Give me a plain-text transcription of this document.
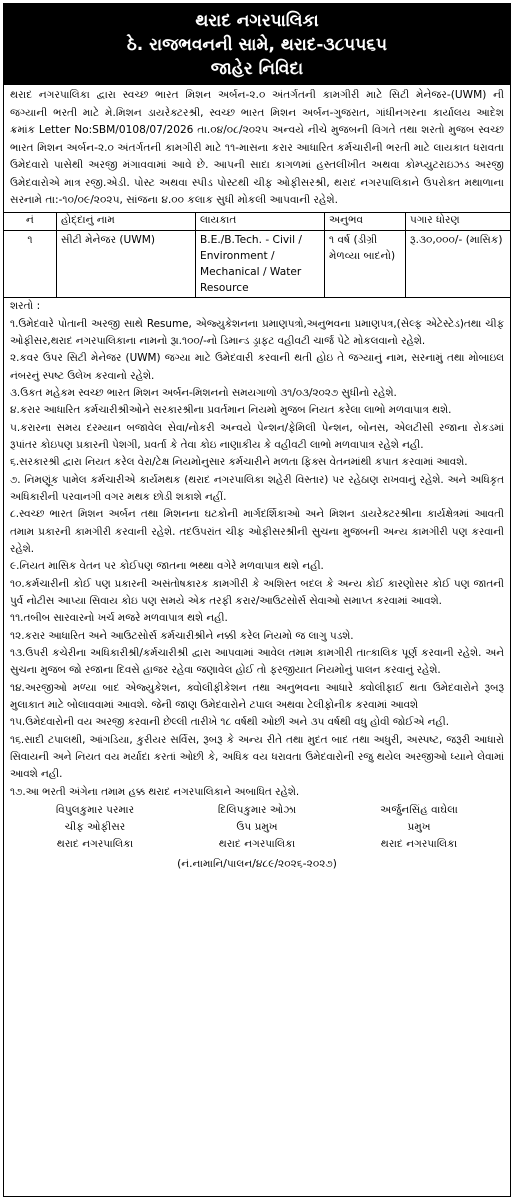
થરાદ નગરપાલિકા
ઠે. રાજભવનની સામે, થરાદ-૩૮૫૫૬૫
જાહેર નિવિદા
થરાદ નગરપાલિકા દ્વારા સ્વચ્છ ભારત મિશન અર્બન-૨.૦ અંતર્ગતની કામગીરી માટે સિટી મેનેજર-(UWM) ની જગ્યાની ભરતી માટે મે.મિશન ડાયરેક્ટરશ્રી, સ્વચ્છ ભારત મિશન અર્બન-ગુજરાત, ગાંધીનગરના કાર્યાલય આદેશ ક્રમાંક Letter No:SBM/0108/07/2026 તા.૦૪/૦૮/૨૦૨૫ અન્વયે નીચે મુજબની વિગતે તથા શરતો મુજબ સ્વચ્છ ભારત મિશન અર્બન-૨.૦ અંતર્ગતની કામગીરી માટે ૧૧-માસના કરાર આધારિત કર્મચારીની ભરતી માટે લાયકાત ધરાવતા ઉમેદવારો પાસેથી અરજી મંગાવવામાં આવે છે. આપની સાદા કાગળમાં હસ્તલીખીત અથવા કોમ્પ્યુટરાઇઝડ અરજી ઉમેદવારોએ માત્ર રજી.એડી. પોસ્ટ અથવા સ્પીડ પોસ્ટથી ચીફ ઓફીસરશ્રી, થરાદ નગરપાલિકાને ઉપરોક્ત મથાળાના સરનામે તા:-૧૦/૦૯/૨૦૨૫, સાંજના ૪.૦૦ કલાક સુધી મોકલી આપવાની રહેશે.
નં	હોદ્દાનું નામ	લાયકાત	અનુભવ	પગાર ધોરણ
૧	સીટી મેનેજર (UWM)	B.E./B.Tech. - Civil / Environment / Mechanical / Water Resource	૧ વર્ષ (ડીગ્રી મેળવ્યા બાદનો)	રૂ.૩૦,૦૦૦/- (માસિક)
શરતો :
૧.ઉમેદવારે પોતાની અરજી સાથે Resume, એજ્યુકેશનના પ્રમાણપત્રો,અનુભવના પ્રમાણપત્ર,(સેલ્ફ એટેસ્ટેડ)તથા ચીફ ઓફીસર,થરાદ નગરપાલિકાના નામનો રૂા.૧૦૦/-નો ડિમાન્ડ ડ્રાફટ વહીવટી ચાર્જ પેટે મોકલવાનો રહેશે.
૨.કવર ઉપર સિટી મેનેજર (UWM) જગ્યા માટે ઉમેદવારી કરવાની થતી હોઇ તે જગ્યાનું નામ, સરનામું તથા મોબાઇલ નંબરનું સ્પષ્ટ ઉલેખ કરવાનો રહેશે.
૩.ઉકત મહેકમ સ્વચ્છ ભારત મિશન અર્બન-મિશનનો સમયગાળો ૩૧/૦૩/૨૦૨૭ સુધીનો રહેશે.
૪.કરાર આધારિત કર્મચારીશ્રીઓને સરકારશ્રીના પ્રવર્તમાન નિયમો મુજબ નિયત કરેલા લાભો મળવાપાત્ર થશે.
૫.કરારના સમય દરમ્યાન બજાવેલ સેવા/નોકરી અન્વયે પેન્શન/ફેમિલી પેન્શન, બોનસ, એલટીસી રજાના રોકડમાં રૂપાંતર કોઇપણ પ્રકારની પેશગી, પ્રવર્તા કે તેવા કોઇ નાણાકીય કે વહીવટી લાભો મળવાપાત્ર રહેશે નહી.
૬.સરકારશ્રી દ્વારા નિયત કરેલ વેરા/ટેક્ષ નિયમોનુસાર કર્મચારીને મળતા ફિક્સ વેતનમાંથી કપાત કરવામાં આવશે.
૭. નિમણૂંક પામેલ કર્મચારીએ કાર્યમથક (થરાદ નગરપાલિકા શહેરી વિસ્તાર) પર રહેઠાણ રાખવાનું રહેશે. અને અધિકૃત અધિકારીની પરવાનગી વગર મથક છોડી શકાશે નહીં.
૮.સ્વચ્છ ભારત મિશન અર્બન તથા મિશનના ઘટકોની માર્ગદર્શિકાઓ અને મિશન ડાયરેક્ટરશ્રીના કાર્યક્ષેત્રમાં આવતી તમામ પ્રકારની કામગીરી કરવાની રહેશે. તદઉપરાંત ચીફ ઓફીસરશ્રીની સુચના મુજબની અન્ય કામગીરી પણ કરવાની રહેશે.
૯.નિયત માસિક વેતન પર કોઈપણ જાતના ભથ્થા વગેરે મળવાપાત્ર થશે નહી.
૧૦.કર્મચારીની કોઈ પણ પ્રકારની અસંતોષકારક કામગીરી કે અશિસ્ત બદલ કે અન્ય કોઈ કારણોસર કોઈ પણ જાતની પુર્વ નોટીસ આપ્યા સિવાય કોઇ પણ સમયે એક તરફી કરાર/આઉટસોર્સ સેવાઓ સમાપ્ત કરવામાં આવશે.
૧૧.તબીબ સારવારનો ખર્ચ મજરે મળવાપાત્ર થશે નહી.
૧૨.કરાર આધારિત અને આઉટસોર્સ કર્મચારીશ્રીને નક્કી કરેલ નિયમો જ લાગુ પડશે.
૧૩.ઉપરી કચેરીના અધિકારીશ્રી/કર્મચારીશ્રી દ્વારા આપવામાં આવેલ તમામ કામગીરી તાત્કાલિક પૂર્ણ કરવાની રહેશે. અને સુચના મુજબ જો રજાના દિવસે હાજર રહેવા જણાવેલ હોઈ તો ફરજીયાત નિયમોનું પાલન કરવાનું રહેશે.
૧૪.અરજીઓ મળ્યા બાદ એજ્યુકેશન, ક્વોલીફીકેશન તથા અનુભવના આધારે ક્વોલીફાઈ થતા ઉમેદવારોને રૂબરૂ મુલાકાત માટે બોલાવવામાં આવશે. જેની જાણ ઉમેદવારોને ટપાલ અથવા ટેલીફોનીક કરવામાં આવશે
૧૫.ઉમેદવારોની વય અરજી કરવાની છેલ્લી તારીખે ૧૮ વર્ષથી ઓછી અને ૩૫ વર્ષથી વધુ હોવી જોઈએ નહી.
૧૬.સાદી ટપાલથી, આંગડિયા, કુરીયર સર્વિસ, રૂબરૂ કે અન્ય રીતે તથા મુદત બાદ તથા અધુરી, અસ્પષ્ટ, જરૂરી આધારો સિવાયની અને નિયત વય મર્યાદા કરતાં ઓછી કે, અધિક વય ધરાવતા ઉમેદવારોની રજુ થયેલ અરજીઓ ધ્યાને લેવામાં આવશે નહી.
૧૭.આ ભરતી અંગેના તમામ હક્ક થરાદ નગરપાલિકાને અબાધિત રહેશે.
વિપુલકુમાર પરમાર
ચીફ ઓફીસર
થરાદ નગરપાલિકા
દિલિપકુમાર ઓઝા
ઉપ પ્રમુખ
થરાદ નગરપાલિકા
અર્જુનસિંહ વાઘેલા
પ્રમુખ
થરાદ નગરપાલિકા
(નં.નામાનિ/પાલન/૪૮૯/૨૦૨૬-૨૦૨૭)
